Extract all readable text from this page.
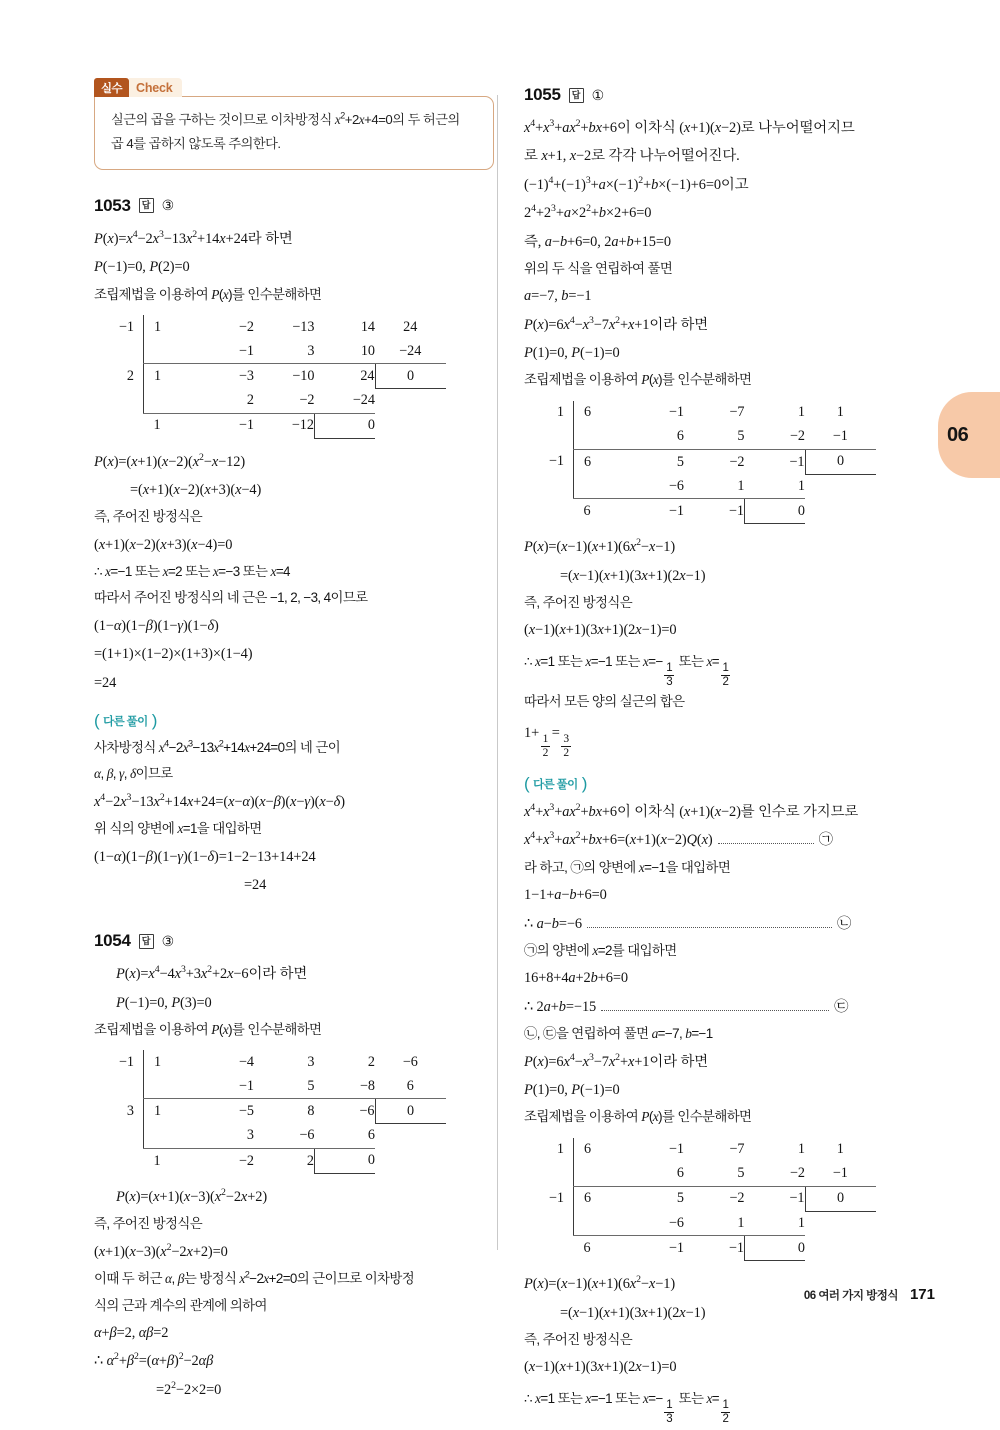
06
실수	Check
실근의 곱을 구하는 것이므로 이차방정식 $x^2+2x+4=0$의 두 허근의
곱 4를 곱하지 않도록 주의한다.
1053	답 ③
$P(x)=x^4-2x^3-13x^2+14x+24$라 하면
P(−1)=0, P(2)=0
조립제법을 이용하여 P(x)를 인수분해하면
−1	1	−2	−13	14	24
		−1	3	10	−24
2	1	−3	−10	24	0
		2	−2	−24	
	1	−1	−12	0	
$P(x)=(x+1)(x-2)(x^2-x-12)$
=(x+1)(x−2)(x+3)(x−4)
즉, 주어진 방정식은
(x+1)(x−2)(x+3)(x−4)=0
∴ x=−1 또는 x=2 또는 x=−3 또는 x=4
따라서 주어진 방정식의 네 근은 −1, 2, −3, 4이므로
(1−α)(1−β)(1−γ)(1−δ)
=(1+1)×(1−2)×(1+3)×(1−4)
=24
( 다른 풀이 )
사차방정식 $x^4-2x^3-13x^2+14x+24=0$의 네 근이
α, β, γ, δ이므로
$x^4-2x^3-13x^2+14x+24=(x-\alpha)(x-\beta)(x-\gamma)(x-\delta)$
위 식의 양변에 x=1을 대입하면
(1−α)(1−β)(1−γ)(1−δ)=1−2−13+14+24
=24
1054	답 ③
$P(x)=x^4-4x^3+3x^2+2x-6$이라 하면
P(−1)=0, P(3)=0
조립제법을 이용하여 P(x)를 인수분해하면
−1	1	−4	3	2	−6
		−1	5	−8	6
3	1	−5	8	−6	0
		3	−6	6	
	1	−2	2	0	
$P(x)=(x+1)(x-3)(x^2-2x+2)$
즉, 주어진 방정식은
$(x+1)(x-3)(x^2-2x+2)=0$
이때 두 허근 α, β는 방정식 $x^2-2x+2=0$의 근이므로 이차방정
식의 근과 계수의 관계에 의하여
α+β=2, αβ=2
∴ $\alpha^2+\beta^2=(\alpha+\beta)^2-2\alpha\beta$
$=2^2-2\times 2=0$
1055	답 ①
$x^4+x^3+ax^2+bx+6$이 이차식 (x+1)(x−2)로 나누어떨어지므
로 x+1, x−2로 각각 나누어떨어진다.
$(-1)^4+(-1)^3+a\times(-1)^2+b\times(-1)+6=0$이고
$2^4+2^3+a\times 2^2+b\times 2+6=0$
즉, a−b+6=0, 2a+b+15=0
위의 두 식을 연립하여 풀면
a=−7, b=−1
$P(x)=6x^4-x^3-7x^2+x+1$이라 하면
P(1)=0, P(−1)=0
조립제법을 이용하여 P(x)를 인수분해하면
1	6	−1	−7	1	1
		6	5	−2	−1
−1	6	5	−2	−1	0
		−6	1	1	
	6	−1	−1	0	
$P(x)=(x-1)(x+1)(6x^2-x-1)$
=(x−1)(x+1)(3x+1)(2x−1)
즉, 주어진 방정식은
(x−1)(x+1)(3x+1)(2x−1)=0
∴ x=1 또는 x=−1 또는 x=−
$\frac{1}{3}$
또는 x=
$\frac{1}{2}$
따라서 모든 양의 실근의 합은
1+
$\frac{1}{2}$
=
$\frac{3}{2}$
( 다른 풀이 )
$x^4+x^3+ax^2+bx+6$이 이차식 (x+1)(x−2)를 인수로 가지므로
$x^4+x^3+ax^2+bx+6=(x+1)(x-2)Q(x)$	㉠
라 하고, ㉠의 양변에 x=−1을 대입하면
1−1+a−b+6=0
∴ a−b=−6	㉡
㉠의 양변에 x=2를 대입하면
16+8+4a+2b+6=0
∴ 2a+b=−15	㉢
㉡, ㉢을 연립하여 풀면 a=−7, b=−1
$P(x)=6x^4-x^3-7x^2+x+1$이라 하면
P(1)=0, P(−1)=0
조립제법을 이용하여 P(x)를 인수분해하면
1	6	−1	−7	1	1
		6	5	−2	−1
−1	6	5	−2	−1	0
		−6	1	1	
	6	−1	−1	0	
$P(x)=(x-1)(x+1)(6x^2-x-1)$
=(x−1)(x+1)(3x+1)(2x−1)
즉, 주어진 방정식은
(x−1)(x+1)(3x+1)(2x−1)=0
∴ x=1 또는 x=−1 또는 x=−
$\frac{1}{3}$
또는 x=
$\frac{1}{2}$
06 여러 가지 방정식 171
